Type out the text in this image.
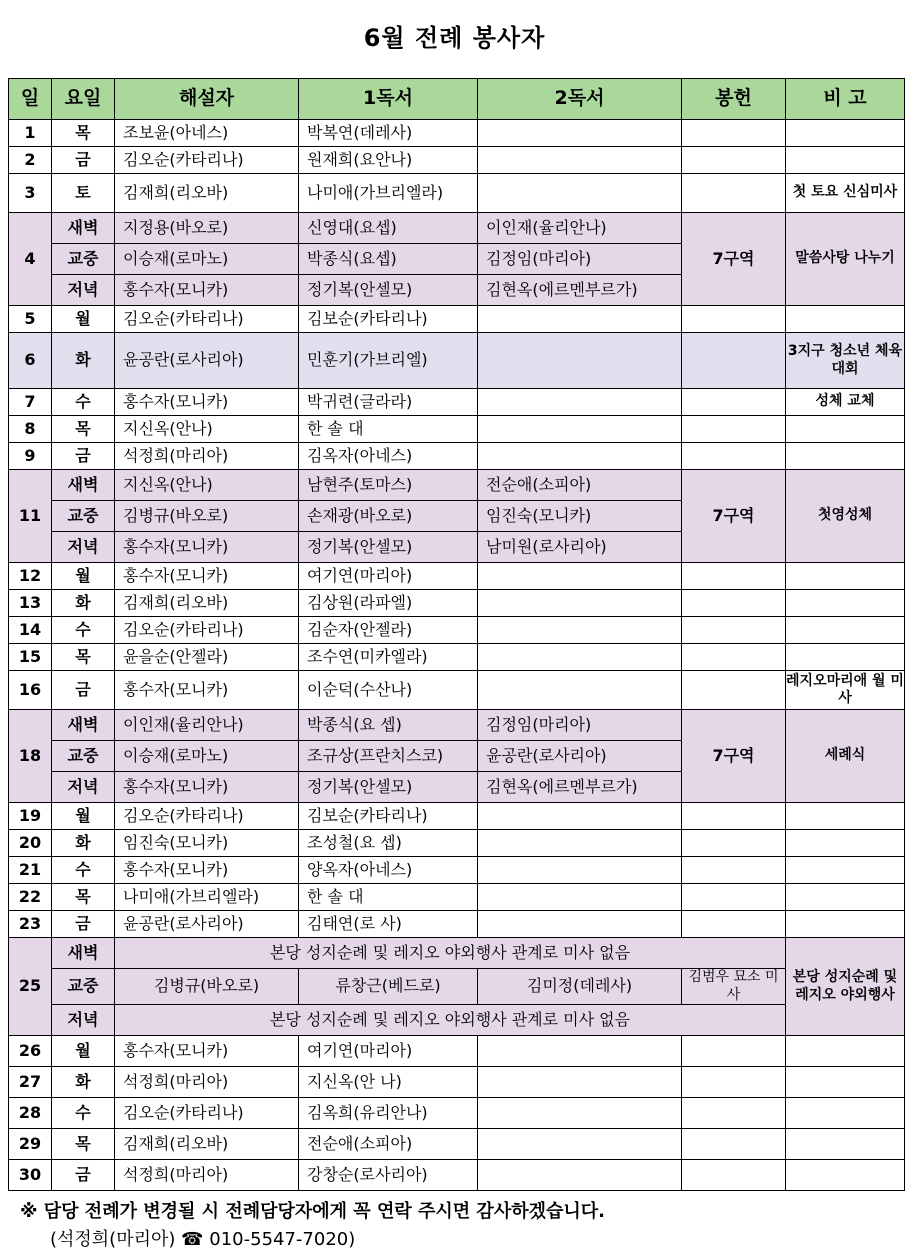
6월 전례 봉사자
일	요일	해설자	1독서	2독서	봉헌	비 고
1	목	조보윤(아네스)	박복연(데레사)			
2	금	김오순(카타리나)	원재희(요안나)			
3	토	김재희(리오바)	나미애(가브리엘라)			첫 토요 신심미사
4	새벽	지정용(바오로)	신영대(요셉)	이인재(율리안나)	7구역	말씀사탕 나누기
	교중	이승재(로마노)	박종식(요셉)	김정임(마리아)		
	저녁	홍수자(모니카)	정기복(안셀모)	김현옥(에르멘부르가)		
5	월	김오순(카타리나)	김보순(카타리나)			
6	화	윤공란(로사리아)	민훈기(가브리엘)			3지구 청소년 체육대회
7	수	홍수자(모니카)	박귀련(글라라)			성체 교체
8	목	지신옥(안나)	한 솔 대			
9	금	석정희(마리아)	김옥자(아네스)			
11	새벽	지신옥(안나)	남현주(토마스)	전순애(소피아)	7구역	첫영성체
	교중	김병규(바오로)	손재광(바오로)	임진숙(모니카)		
	저녁	홍수자(모니카)	정기복(안셀모)	남미원(로사리아)		
12	월	홍수자(모니카)	여기연(마리아)			
13	화	김재희(리오바)	김상원(라파엘)			
14	수	김오순(카타리나)	김순자(안젤라)			
15	목	윤을순(안젤라)	조수연(미카엘라)			
16	금	홍수자(모니카)	이순덕(수산나)			레지오마리애 월 미사
18	새벽	이인재(율리안나)	박종식(요 셉)	김정임(마리아)	7구역	세례식
	교중	이승재(로마노)	조규상(프란치스코)	윤공란(로사리아)		
	저녁	홍수자(모니카)	정기복(안셀모)	김현옥(에르멘부르가)		
19	월	김오순(카타리나)	김보순(카타리나)			
20	화	임진숙(모니카)	조성철(요 셉)			
21	수	홍수자(모니카)	양옥자(아네스)			
22	목	나미애(가브리엘라)	한 솔 대			
23	금	윤공란(로사리아)	김태연(로 사)			
25	새벽	본당 성지순례 및 레지오 야외행사 관계로 미사 없음				본당 성지순례 및 레지오 야외행사
	교중	김병규(바오로)	류창근(베드로)	김미정(데레사)	김범우 묘소 미사	
	저녁	본당 성지순례 및 레지오 야외행사 관계로 미사 없음				
26	월	홍수자(모니카)	여기연(마리아)			
27	화	석정희(마리아)	지신옥(안 나)			
28	수	김오순(카타리나)	김옥희(유리안나)			
29	목	김재희(리오바)	전순애(소피아)			
30	금	석정희(마리아)	강창순(로사리아)			
※ 담당 전례가 변경될 시 전례담당자에게 꼭 연락 주시면 감사하겠습니다.
(석정희(마리아) ☎ 010-5547-7020)
